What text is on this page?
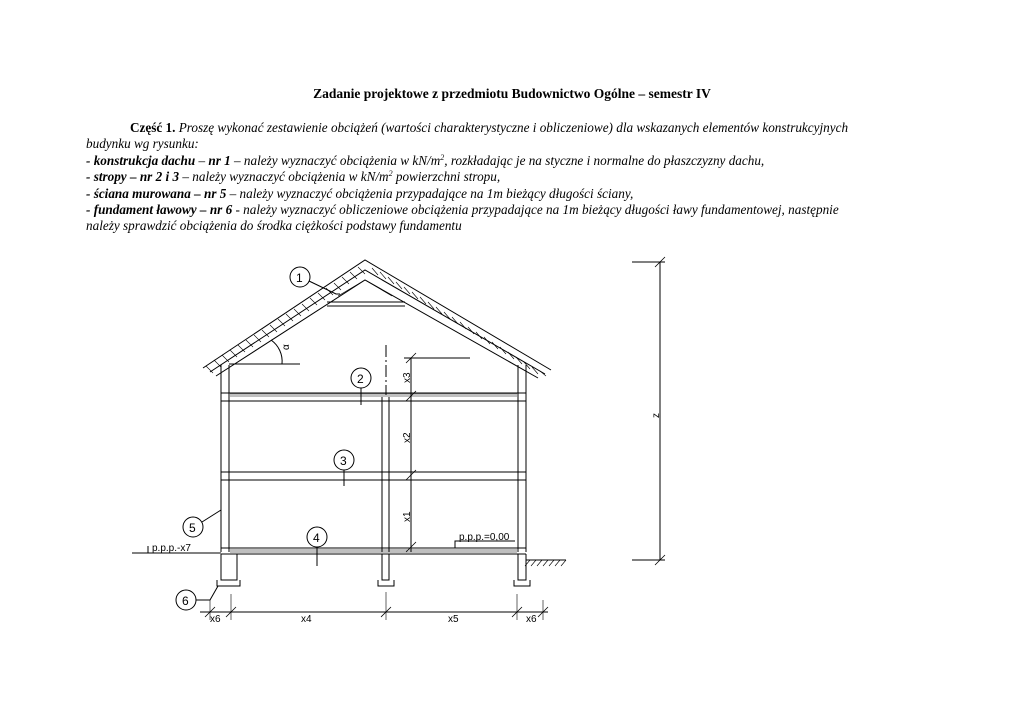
Zadanie projektowe z przedmiotu Budownictwo Ogólne – semestr IV
Część 1. Proszę wykonać zestawienie obciążeń (wartości charakterystyczne i obliczeniowe) dla wskazanych elementów konstrukcyjnych
budynku wg rysunku:
- konstrukcja dachu – nr 1 – należy wyznaczyć obciążenia w $kN/m^2$, rozkładając je na styczne i normalne do płaszczyzny dachu,
- stropy – nr 2 i 3 – należy wyznaczyć obciążenia w $kN/m^2$ powierzchni stropu,
- ściana murowana – nr 5 – należy wyznaczyć obciążenia przypadające na 1m bieżący długości ściany,
- fundament ławowy – nr 6 - należy wyznaczyć obliczeniowe obciążenia przypadające na 1m bieżący długości ławy fundamentowej, następnie
należy sprawdzić obciążenia do środka ciężkości podstawy fundamentu
1
2
3
4
5
6
α
x1
x2
x3
z
x6	x4	x5	x6
p.p.p.-x7
p.p.p.=0,00
